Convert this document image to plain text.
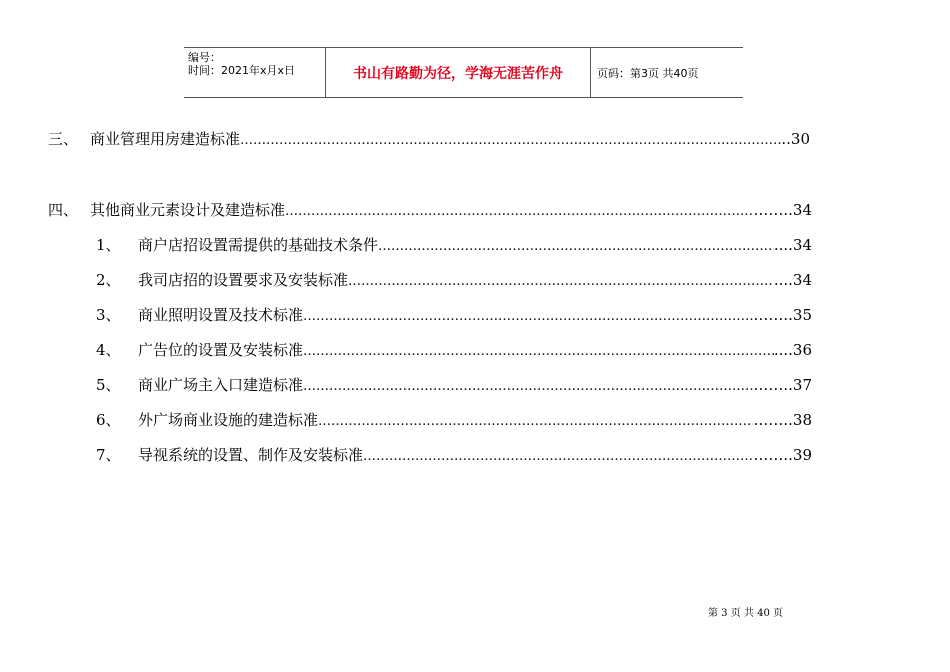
编号：
时间：2021年x月x日	书山有路勤为径，学海无涯苦作舟	页码：第3页 共40页
三、 商业管理用房建造标准 …………………………………………………………………………………………………………………………………………………………………………………	..30
四、 其他商业元素设计及建造标准 …………………………………………………………………………………………………………………………………………………………………………………	……..34
1、	商户店招设置需提供的基础技术条件 …………………………………………………………………………………………………………………………………………………………………………………	....34
2、	我司店招的设置要求及安装标准 …………………………………………………………………………………………………………………………………………………………………………………	....34
3、	商业照明设置及技术标准 …………………………………………………………………………………………………………………………………………………………………………………	……..35
4、	广告位的设置及安装标准 …………………………………………………………………………………………………………………………………………………………………………………	....36
5、	商业广场主入口建造标准 …………………………………………………………………………………………………………………………………………………………………………………	……..37
6、	外广场商业设施的建造标准 …………………………………………………………………………………………………………………………………………………………………………………	……..38
7、	导视系统的设置、制作及安装标准 …………………………………………………………………………………………………………………………………………………………………………………	……..39
第 3 页 共 40 页
